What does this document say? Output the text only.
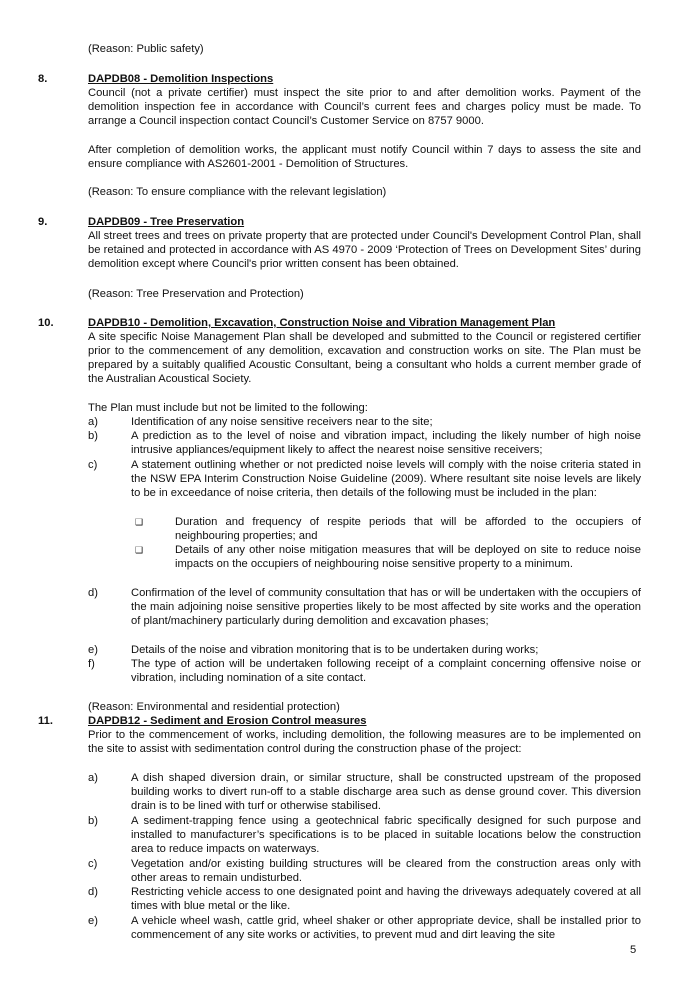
(Reason: Public safety)

8.	DAPDB08 - Demolition Inspections
Council (not a private certifier) must inspect the site prior to and after demolition works. Payment of the demolition inspection fee in accordance with Council’s current fees and charges policy must be made. To arrange a Council inspection contact Council’s Customer Service on 8757 9000.

After completion of demolition works, the applicant must notify Council within 7 days to assess the site and ensure compliance with AS2601-2001 - Demolition of Structures.

(Reason: To ensure compliance with the relevant legislation)

9.	DAPDB09 - Tree Preservation
All street trees and trees on private property that are protected under Council's Development Control Plan, shall be retained and protected in accordance with AS 4970 - 2009 ‘Protection of Trees on Development Sites’ during demolition except where Council's prior written consent has been obtained.

(Reason: Tree Preservation and Protection)

10.	DAPDB10 - Demolition, Excavation, Construction Noise and Vibration Management Plan
A site specific Noise Management Plan shall be developed and submitted to the Council or registered certifier prior to the commencement of any demolition, excavation and construction works on site. The Plan must be prepared by a suitably qualified Acoustic Consultant, being a consultant who holds a current member grade of the Australian Acoustical Society.

The Plan must include but not be limited to the following:

a)	Identification of any noise sensitive receivers near to the site;
b)	A prediction as to the level of noise and vibration impact, including the likely number of high noise intrusive appliances/equipment likely to affect the nearest noise sensitive receivers;
c)	A statement outlining whether or not predicted noise levels will comply with the noise criteria stated in the NSW EPA Interim Construction Noise Guideline (2009). Where resultant site noise levels are likely to be in exceedance of noise criteria, then details of the following must be included in the plan:
❑	Duration and frequency of respite periods that will be afforded to the occupiers of neighbouring properties; and
❑	Details of any other noise mitigation measures that will be deployed on site to reduce noise impacts on the occupiers of neighbouring noise sensitive property to a minimum.
d)	Confirmation of the level of community consultation that has or will be undertaken with the occupiers of the main adjoining noise sensitive properties likely to be most affected by site works and the operation of plant/machinery particularly during demolition and excavation phases;
e)	Details of the noise and vibration monitoring that is to be undertaken during works;
f)	The type of action will be undertaken following receipt of a complaint concerning offensive noise or vibration, including nomination of a site contact.

(Reason: Environmental and residential protection)

11.	DAPDB12 - Sediment and Erosion Control measures
Prior to the commencement of works, including demolition, the following measures are to be implemented on the site to assist with sedimentation control during the construction phase of the project:
a)	A dish shaped diversion drain, or similar structure, shall be constructed upstream of the proposed building works to divert run-off to a stable discharge area such as dense ground cover. This diversion drain is to be lined with turf or otherwise stabilised.
b)	A sediment-trapping fence using a geotechnical fabric specifically designed for such purpose and installed to manufacturer’s specifications is to be placed in suitable locations below the construction area to reduce impacts on waterways.
c)	Vegetation and/or existing building structures will be cleared from the construction areas only with other areas to remain undisturbed.
d)	Restricting vehicle access to one designated point and having the driveways adequately covered at all times with blue metal or the like.
e)	A vehicle wheel wash, cattle grid, wheel shaker or other appropriate device, shall be installed prior to commencement of any site works or activities, to prevent mud and dirt leaving the site
5
